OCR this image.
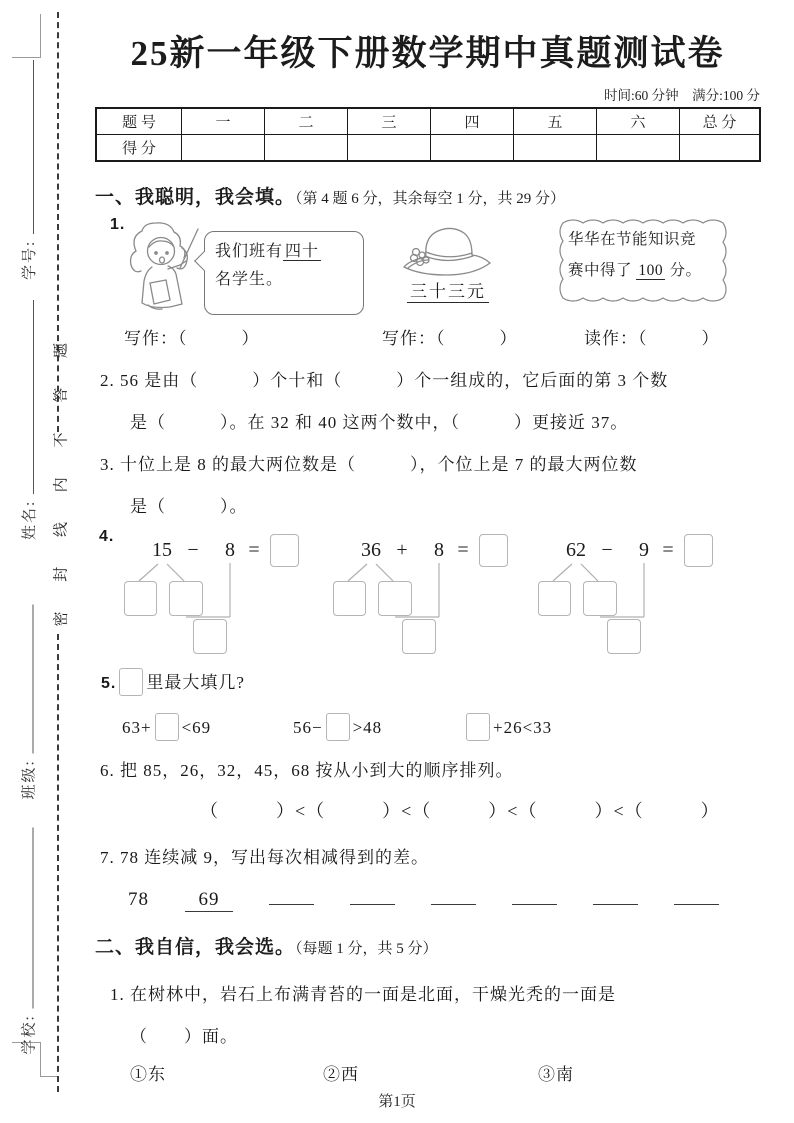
密 封 线 内 不 答 题
学号:
姓名:
班级:
学校:
25新一年级下册数学期中真题测试卷
时间:60 分钟　满分:100 分
题 号	一	二	三	四	五	六	总 分
得 分							
一、我聪明，我会填。（第 4 题 6 分，其余每空 1 分，共 29 分）
1.
我们班有 四十
名学生。
三十三元
华华在节能知识竞
赛中得了 100 分。
写作：（　　　）	写作：（　　　）	读作：（　　　）
2. 56 是由（　　　）个十和（　　　）个一组成的，它后面的第 3 个数
是（　　　）。在 32 和 40 这两个数中，（　　　）更接近 37。
3. 十位上是 8 的最大两位数是（　　　），个位上是 7 的最大两位数
是（　　　）。
4.
15 −	8 =	36 +	8 =	62 −	9 =
5. 里最大填几?
63+ <69	56− >48	+26<33
6. 把 85，26，32，45，68 按从小到大的顺序排列。
（　　　）<（　　　）<（　　　）<（　　　）<（　　　）
7. 78 连续减 9，写出每次相减得到的差。
78	69
二、我自信，我会选。（每题 1 分，共 5 分）
1. 在树林中，岩石上布满青苔的一面是北面，干燥光秃的一面是
（　　）面。
①东	②西	③南
第1页
